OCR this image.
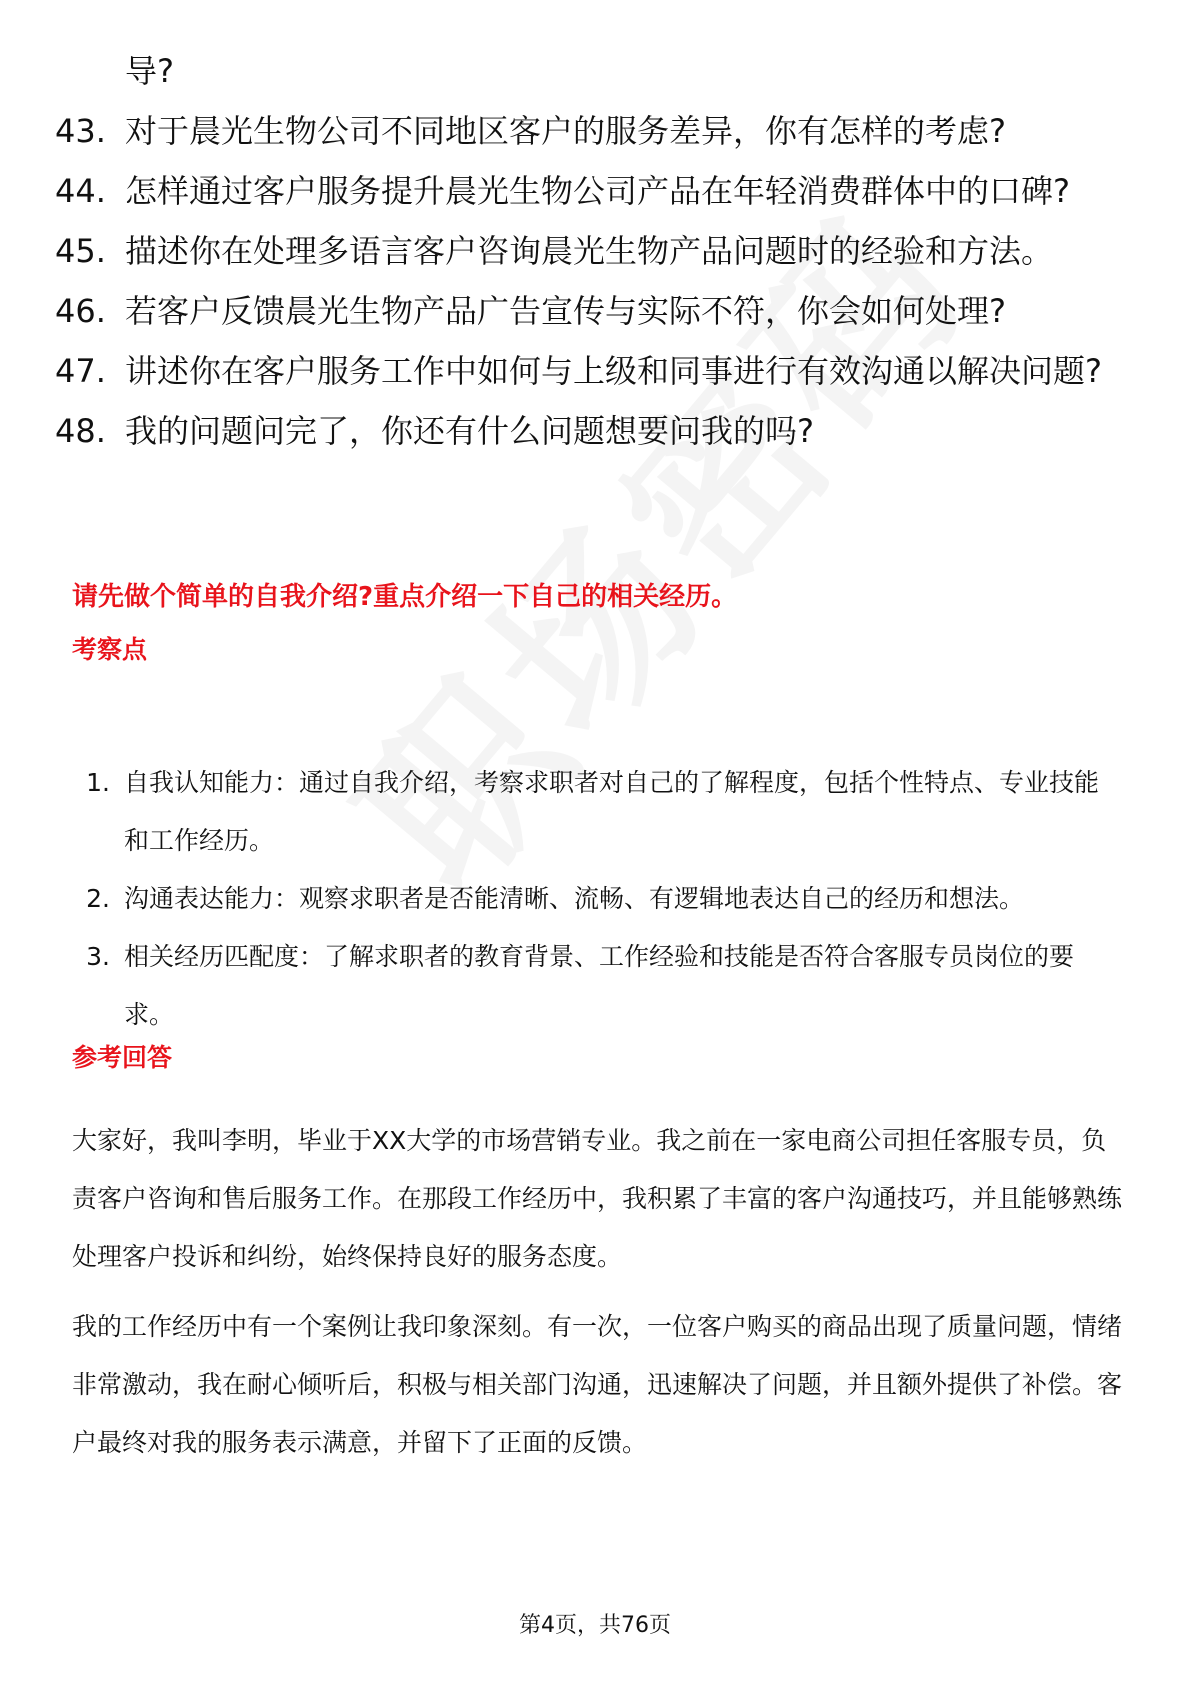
导?
43. 对于晨光生物公司不同地区客户的服务差异，你有怎样的考虑?
44. 怎样通过客户服务提升晨光生物公司产品在年轻消费群体中的口碑?
45. 描述你在处理多语言客户咨询晨光生物产品问题时的经验和方法。
46. 若客户反馈晨光生物产品广告宣传与实际不符，你会如何处理?
47. 讲述你在客户服务工作中如何与上级和同事进行有效沟通以解决问题?
48. 我的问题问完了，你还有什么问题想要问我的吗?
请先做个简单的自我介绍?重点介绍一下自己的相关经历。
考察点
1. 自我认知能力：通过自我介绍，考察求职者对自己的了解程度，包括个性特点、专业技能和工作经历。
2. 沟通表达能力：观察求职者是否能清晰、流畅、有逻辑地表达自己的经历和想法。
3. 相关经历匹配度：了解求职者的教育背景、工作经验和技能是否符合客服专员岗位的要求。
参考回答
大家好，我叫李明，毕业于XX大学的市场营销专业。我之前在一家电商公司担任客服专员，负责客户咨询和售后服务工作。在那段工作经历中，我积累了丰富的客户沟通技巧，并且能够熟练处理客户投诉和纠纷，始终保持良好的服务态度。
我的工作经历中有一个案例让我印象深刻。有一次，一位客户购买的商品出现了质量问题，情绪非常激动，我在耐心倾听后，积极与相关部门沟通，迅速解决了问题，并且额外提供了补偿。客户最终对我的服务表示满意，并留下了正面的反馈。
第4页，共76页
